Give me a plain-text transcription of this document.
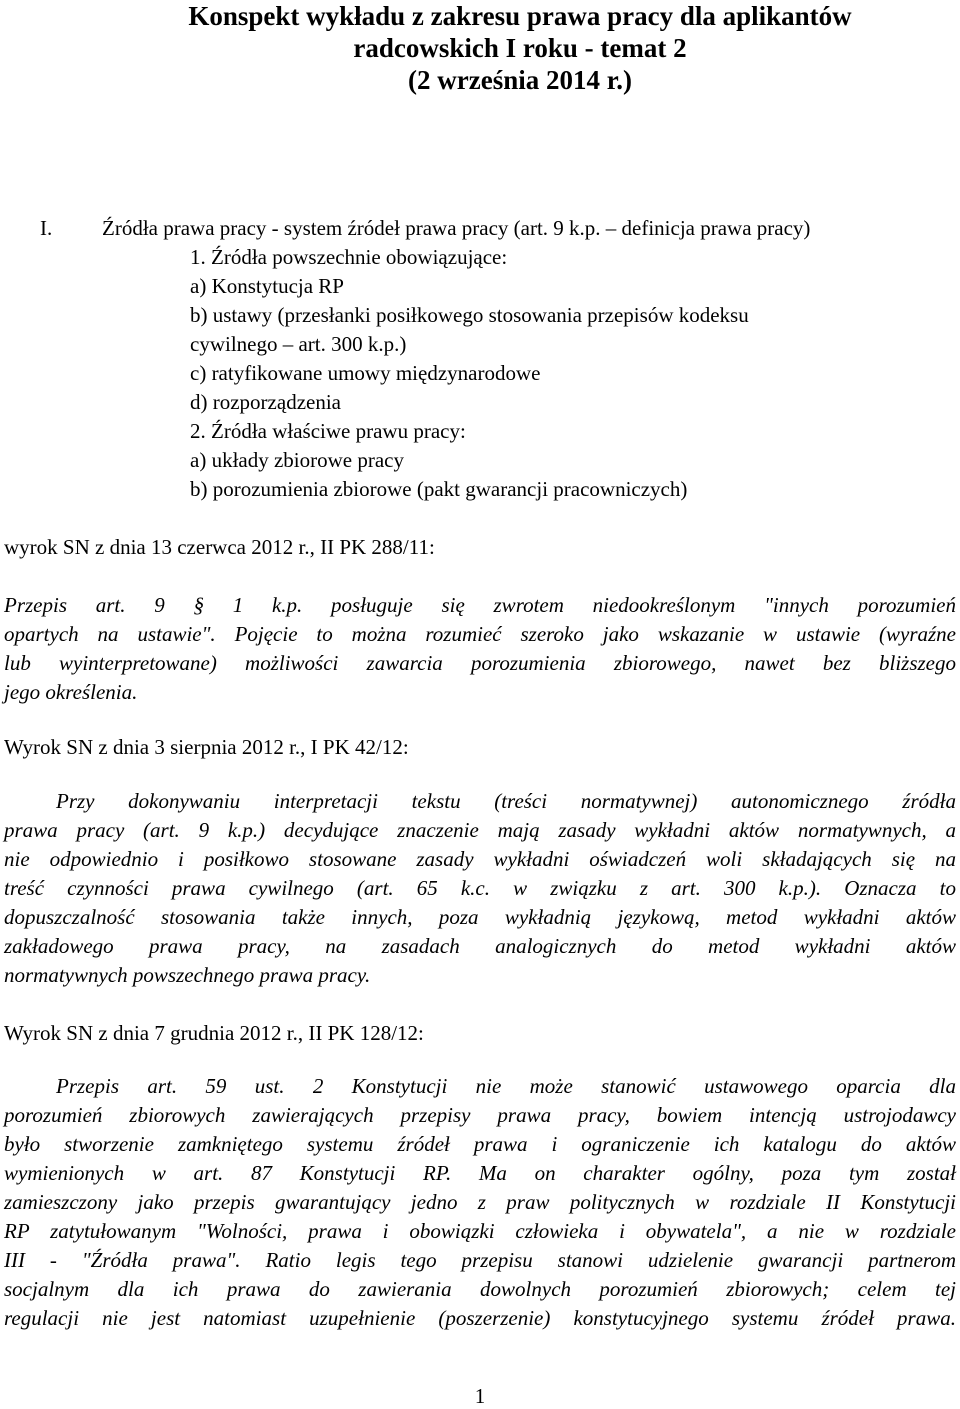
Konspekt wykładu z zakresu prawa pracy dla aplikantów
radcowskich I roku - temat 2
(2 września 2014 r.)
I. Źródła prawa pracy - system źródeł prawa pracy (art. 9 k.p. – definicja prawa pracy)
1. Źródła powszechnie obowiązujące:
a) Konstytucja RP
b) ustawy (przesłanki posiłkowego stosowania przepisów kodeksu
cywilnego – art. 300 k.p.)
c) ratyfikowane umowy międzynarodowe
d) rozporządzenia
2. Źródła właściwe prawu pracy:
a) układy zbiorowe pracy
b) porozumienia zbiorowe (pakt gwarancji pracowniczych)
wyrok SN z dnia 13 czerwca 2012 r., II PK 288/11:
Przepis art. 9 § 1 k.p. posługuje się zwrotem niedookreślonym "innych porozumień
opartych na ustawie". Pojęcie to można rozumieć szeroko jako wskazanie w ustawie (wyraźne
lub wyinterpretowane) możliwości zawarcia porozumienia zbiorowego, nawet bez bliższego
jego określenia.
Wyrok SN z dnia 3 sierpnia 2012 r., I PK 42/12:
Przy dokonywaniu interpretacji tekstu (treści normatywnej) autonomicznego źródła
prawa pracy (art. 9 k.p.) decydujące znaczenie mają zasady wykładni aktów normatywnych, a
nie odpowiednio i posiłkowo stosowane zasady wykładni oświadczeń woli składających się na
treść czynności prawa cywilnego (art. 65 k.c. w związku z art. 300 k.p.). Oznacza to
dopuszczalność stosowania także innych, poza wykładnią językową, metod wykładni aktów
zakładowego prawa pracy, na zasadach analogicznych do metod wykładni aktów
normatywnych powszechnego prawa pracy.
Wyrok SN z dnia 7 grudnia 2012 r., II PK 128/12:
Przepis art. 59 ust. 2 Konstytucji nie może stanowić ustawowego oparcia dla
porozumień zbiorowych zawierających przepisy prawa pracy, bowiem intencją ustrojodawcy
było stworzenie zamkniętego systemu źródeł prawa i ograniczenie ich katalogu do aktów
wymienionych w art. 87 Konstytucji RP. Ma on charakter ogólny, poza tym został
zamieszczony jako przepis gwarantujący jedno z praw politycznych w rozdziale II Konstytucji
RP zatytułowanym "Wolności, prawa i obowiązki człowieka i obywatela", a nie w rozdziale
III - "Źródła prawa". Ratio legis tego przepisu stanowi udzielenie gwarancji partnerom
socjalnym dla ich prawa do zawierania dowolnych porozumień zbiorowych; celem tej
regulacji nie jest natomiast uzupełnienie (poszerzenie) konstytucyjnego systemu źródeł prawa.
1
